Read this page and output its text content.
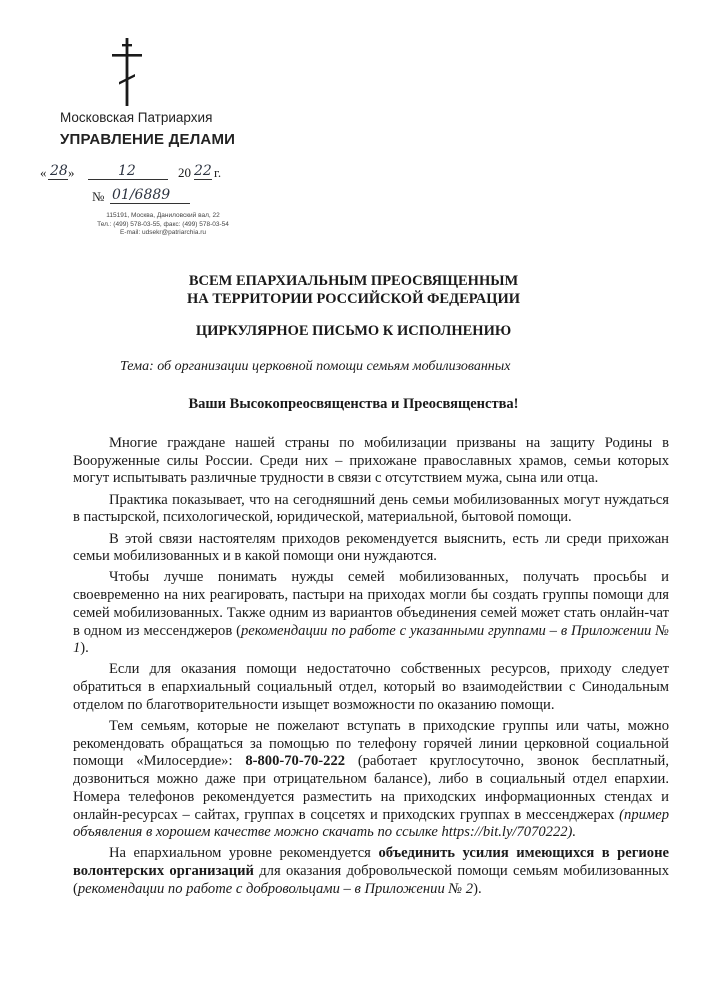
Московская Патриархия
УПРАВЛЕНИЕ ДЕЛАМИ
« 28 »	12	20 22 г.
№ 01/6889
115191, Москва, Даниловский вал, 22
Тел.: (499) 578-03-55, факс: (499) 578-03-54
E-mail: udsekr@patriarchia.ru
ВСЕМ ЕПАРХИАЛЬНЫМ ПРЕОСВЯЩЕННЫМ
НА ТЕРРИТОРИИ РОССИЙСКОЙ ФЕДЕРАЦИИ
ЦИРКУЛЯРНОЕ ПИСЬМО К ИСПОЛНЕНИЮ
Тема: об организации церковной помощи семьям мобилизованных
Ваши Высокопреосвященства и Преосвященства!

Многие граждане нашей страны по мобилизации призваны на защиту Родины в Вооруженные силы России. Среди них – прихожане православных храмов, семьи которых могут испытывать различные трудности в связи с отсутствием мужа, сына или отца.

Практика показывает, что на сегодняшний день семьи мобилизованных могут нуждаться в пастырской, психологической, юридической, материальной, бытовой помощи.

В этой связи настоятелям приходов рекомендуется выяснить, есть ли среди прихожан семьи мобилизованных и в какой помощи они нуждаются.

Чтобы лучше понимать нужды семей мобилизованных, получать просьбы и своевременно на них реагировать, пастыри на приходах могли бы создать группы помощи для семей мобилизованных. Также одним из вариантов объединения семей может стать онлайн-чат в одном из мессенджеров (рекомендации по работе с указанными группами – в Приложении № 1).

Если для оказания помощи недостаточно собственных ресурсов, приходу следует обратиться в епархиальный социальный отдел, который во взаимодействии с Синодальным отделом по благотворительности изыщет возможности по оказанию помощи.

Тем семьям, которые не пожелают вступать в приходские группы или чаты, можно рекомендовать обращаться за помощью по телефону горячей линии церковной социальной помощи «Милосердие»: 8-800-70-70-222 (работает круглосуточно, звонок бесплатный, дозвониться можно даже при отрицательном балансе), либо в социальный отдел епархии. Номера телефонов рекомендуется разместить на приходских информационных стендах и онлайн-ресурсах – сайтах, группах в соцсетях и приходских группах в мессенджерах (пример объявления в хорошем качестве можно скачать по ссылке https://bit.ly/7070222).

На епархиальном уровне рекомендуется объединить усилия имеющихся в регионе волонтерских организаций для оказания добровольческой помощи семьям мобилизованных (рекомендации по работе с добровольцами – в Приложении № 2).
